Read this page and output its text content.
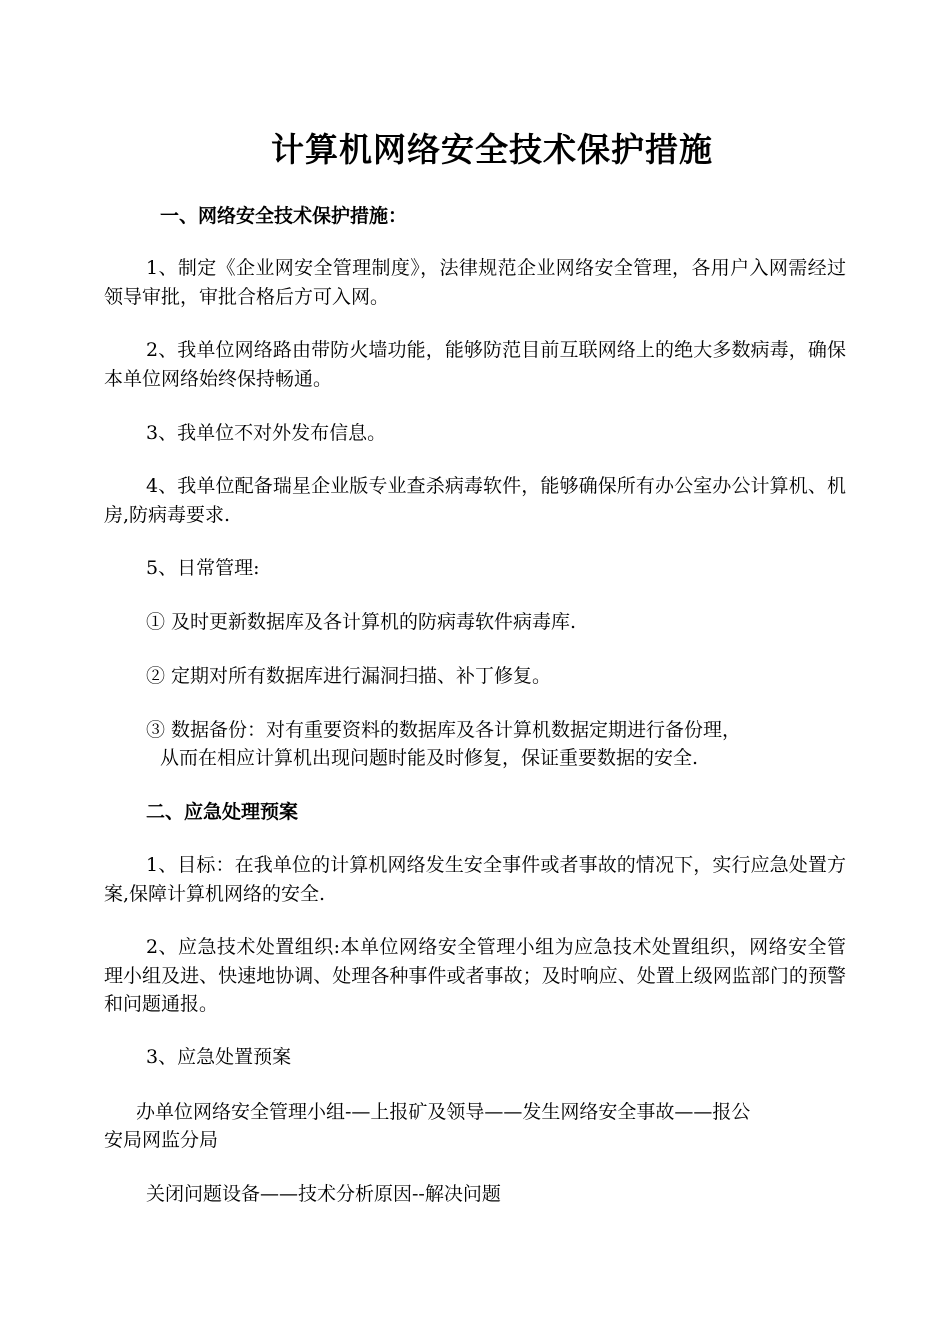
计算机网络安全技术保护措施
一、网络安全技术保护措施：
1、制定《企业网安全管理制度》，法律规范企业网络安全管理，各用户入网需经过领导审批，审批合格后方可入网。
2、我单位网络路由带防火墙功能，能够防范目前互联网络上的绝大多数病毒，确保本单位网络始终保持畅通。
3、我单位不对外发布信息。
4、我单位配备瑞星企业版专业查杀病毒软件，能够确保所有办公室办公计算机、机房,防病毒要求.
5、日常管理:
① 及时更新数据库及各计算机的防病毒软件病毒库.
② 定期对所有数据库进行漏洞扫描、补丁修复。
③ 数据备份：对有重要资料的数据库及各计算机数据定期进行备份理，
从而在相应计算机出现问题时能及时修复，保证重要数据的安全.
二、应急处理预案
1、目标：在我单位的计算机网络发生安全事件或者事故的情况下，实行应急处置方案,保障计算机网络的安全.
2、应急技术处置组织:本单位网络安全管理小组为应急技术处置组织，网络安全管理小组及进、快速地协调、处理各种事件或者事故；及时响应、处置上级网监部门的预警和问题通报。
3、应急处置预案
办单位网络安全管理小组-—上报矿及领导——发生网络安全事故——报公
安局网监分局
关闭问题设备——技术分析原因--解决问题
